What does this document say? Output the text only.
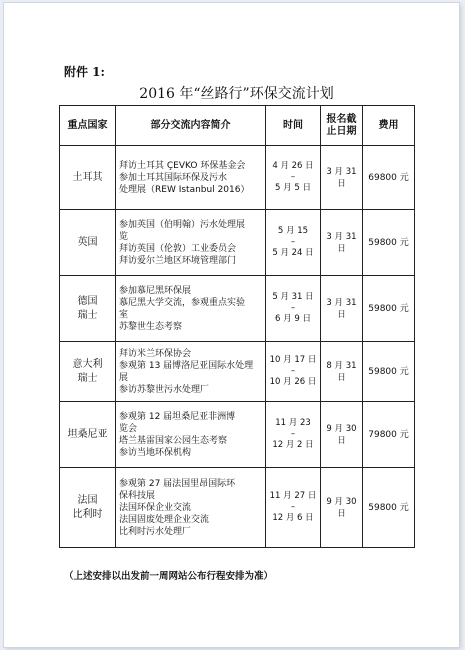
附件 1:
2016 年“丝路行”环保交流计划
重点国家	部分交流内容简介	时间	报名截
止日期	费用

土耳其	拜访土耳其 ÇEVKO 环保基金会
参加土耳其国际环保及污水
处理展（REW Istanbul 2016）	4 月 26 日
–
5 月 5 日	3 月 31 日	69800 元

英国	参加英国（伯明翰）污水处理展
览
拜访英国（伦敦）工业委员会
拜访爱尔兰地区环境管理部门	5 月 15
–
5 月 24 日	3 月 31 日	59800 元

德国
瑞士	参加慕尼黑环保展
慕尼黑大学交流，参观重点实验
室
苏黎世生态考察	5 月 31 日
–
6 月 9 日	3 月 31 日	59800 元

意大利
瑞士	拜访米兰环保协会
参观第 13 届博洛尼亚国际水处理
展
参访苏黎世污水处理厂	10 月 17 日
–
10 月 26 日	8 月 31 日	59800 元

坦桑尼亚	参观第 12 届坦桑尼亚非洲博
览会
塔兰基雷国家公园生态考察
参访当地环保机构	11 月 23
–
12 月 2 日	9 月 30 日	79800 元

法国
比利时	参观第 27 届法国里昂国际环
保科技展
法国环保企业交流
法国固废处理企业交流
比利时污水处理厂	11 月 27 日
–
12 月 6 日	9 月 30 日	59800 元
（上述安排以出发前一周网站公布行程安排为准）
